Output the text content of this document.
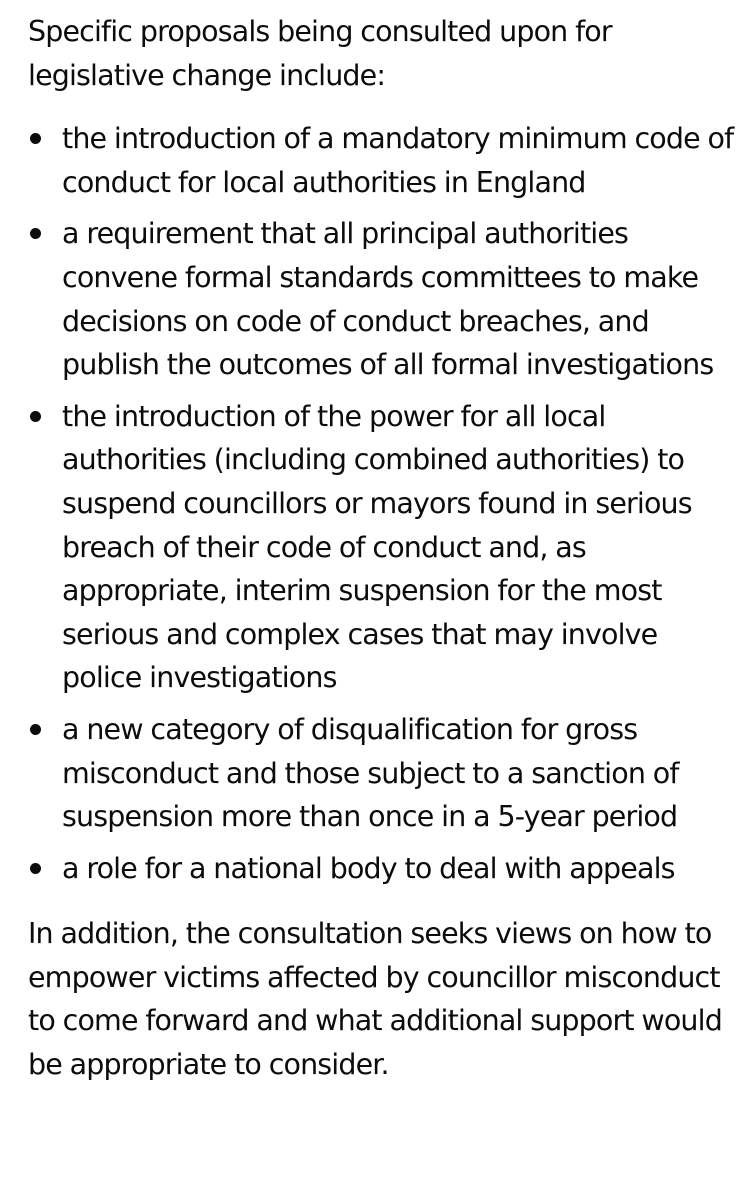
Specific proposals being consulted upon for legislative change include:

the introduction of a mandatory minimum code of conduct for local authorities in England
a requirement that all principal authorities convene formal standards committees to make decisions on code of conduct breaches, and publish the outcomes of all formal investigations
the introduction of the power for all local authorities (including combined authorities) to suspend councillors or mayors found in serious breach of their code of conduct and, as appropriate, interim suspension for the most serious and complex cases that may involve police investigations
a new category of disqualification for gross misconduct and those subject to a sanction of suspension more than once in a 5-year period
a role for a national body to deal with appeals

In addition, the consultation seeks views on how to empower victims affected by councillor misconduct to come forward and what additional support would be appropriate to consider.
